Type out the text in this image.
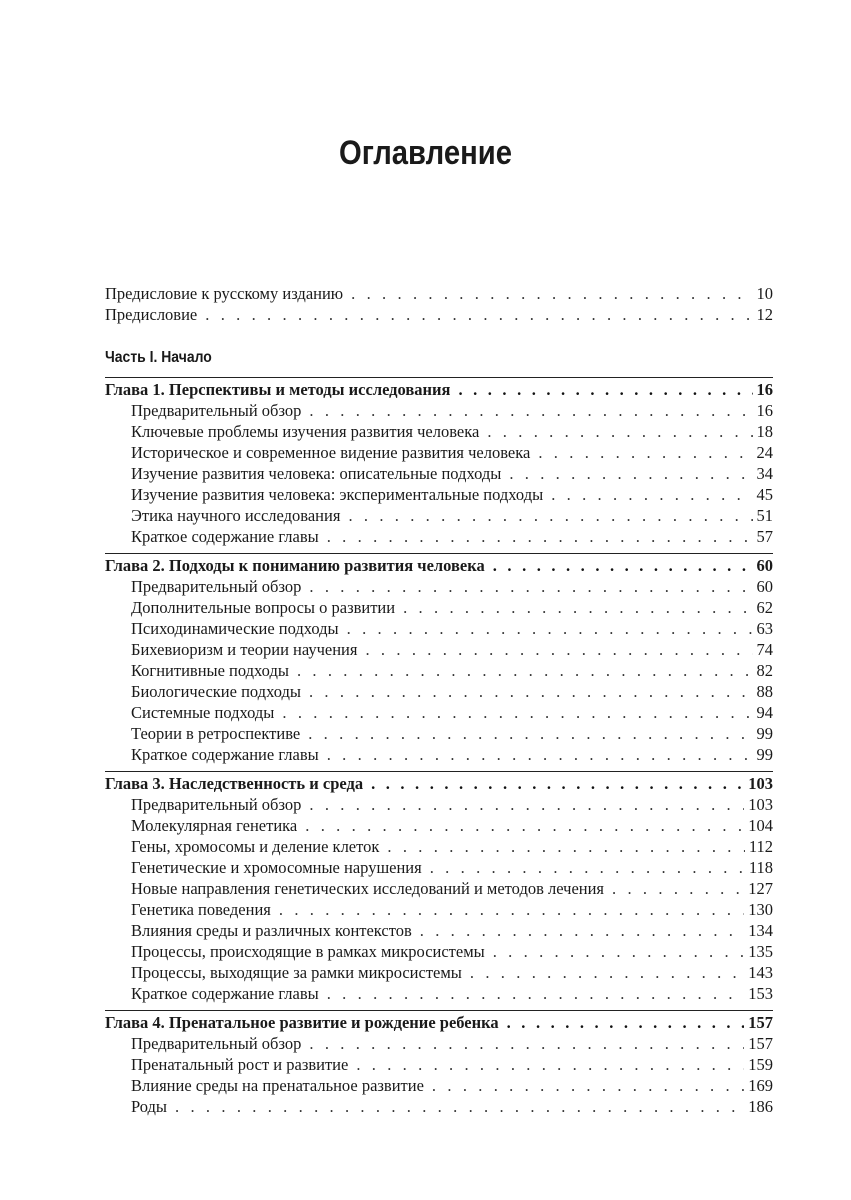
Оглавление
Предисловие к русскому изданию . . .	10
Предисловие . . .	12
Часть I. Начало
Глава 1. Перспективы и методы исследования . . .	16
Предварительный обзор . . .	16
Ключевые проблемы изучения развития человека . . .	18
Историческое и современное видение развития человека . . .	24
Изучение развития человека: описательные подходы . . .	34
Изучение развития человека: экспериментальные подходы . . .	45
Этика научного исследования . . .	51
Краткое содержание главы . . .	57
Глава 2. Подходы к пониманию развития человека . . .	60
Предварительный обзор . . .	60
Дополнительные вопросы о развитии . . .	62
Психодинамические подходы . . .	63
Бихевиоризм и теории научения . . .	74
Когнитивные подходы . . .	82
Биологические подходы . . .	88
Системные подходы . . .	94
Теории в ретроспективе . . .	99
Краткое содержание главы . . .	99
Глава 3. Наследственность и среда . . .	103
Предварительный обзор . . .	103
Молекулярная генетика . . .	104
Гены, хромосомы и деление клеток . . .	112
Генетические и хромосомные нарушения . . .	118
Новые направления генетических исследований и методов лечения . . .	127
Генетика поведения . . .	130
Влияния среды и различных контекстов . . .	134
Процессы, происходящие в рамках микросистемы . . .	135
Процессы, выходящие за рамки микросистемы . . .	143
Краткое содержание главы . . .	153
Глава 4. Пренатальное развитие и рождение ребенка . . .	157
Предварительный обзор . . .	157
Пренатальный рост и развитие . . .	159
Влияние среды на пренатальное развитие . . .	169
Роды . . .	186
